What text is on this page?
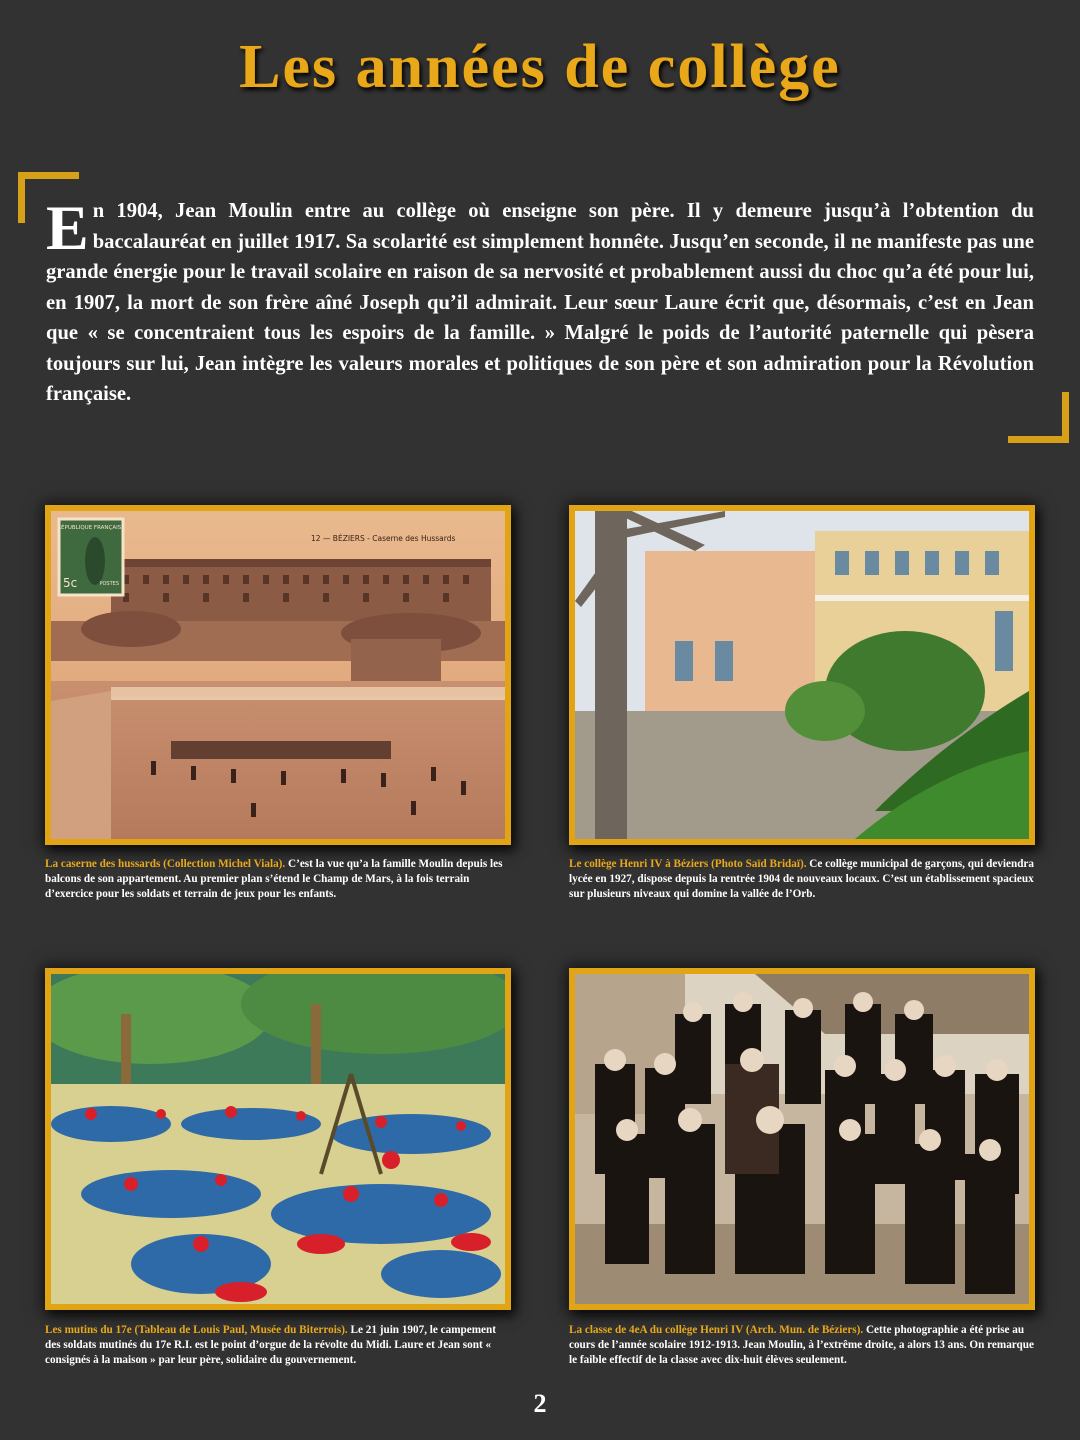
Les années de collège

En 1904, Jean Moulin entre au collège où enseigne son père. Il y demeure jusqu’à l’obtention du baccalauréat en juillet 1917. Sa scolarité est simplement honnête. Jusqu’en seconde, il ne manifeste pas une grande énergie pour le travail scolaire en raison de sa nervosité et probablement aussi du choc qu’a été pour lui, en 1907, la mort de son frère aîné Joseph qu’il admirait. Leur sœur Laure écrit que, désormais, c’est en Jean que « se concentraient tous les espoirs de la famille. » Malgré le poids de l’autorité paternelle qui pèsera toujours sur lui, Jean intègre les valeurs morales et politiques de son père et son admiration pour la Révolution française.

RÉPUBLIQUE FRANÇAISE
5c	POSTES
12 — BÉZIERS - Caserne des Hussards

La caserne des hussards (Collection Michel Viala). C’est la vue qu’a la famille Moulin depuis les balcons de son appartement. Au premier plan s’étend le Champ de Mars, à la fois terrain d’exercice pour les soldats et terrain de jeux pour les enfants.

Le collège Henri IV à Béziers (Photo Saïd Bridaï). Ce collège municipal de garçons, qui deviendra lycée en 1927, dispose depuis la rentrée 1904 de nouveaux locaux. C’est un établissement spacieux sur plusieurs niveaux qui domine la vallée de l’Orb.

Les mutins du 17e (Tableau de Louis Paul, Musée du Biterrois). Le 21 juin 1907, le campement des soldats mutinés du 17e R.I. est le point d’orgue de la révolte du Midi. Laure et Jean sont « consignés à la maison » par leur père, solidaire du gouvernement.

La classe de 4eA du collège Henri IV (Arch. Mun. de Béziers). Cette photographie a été prise au cours de l’année scolaire 1912-1913. Jean Moulin, à l’extrême droite, a alors 13 ans. On remarque le faible effectif de la classe avec dix-huit élèves seulement.

2
